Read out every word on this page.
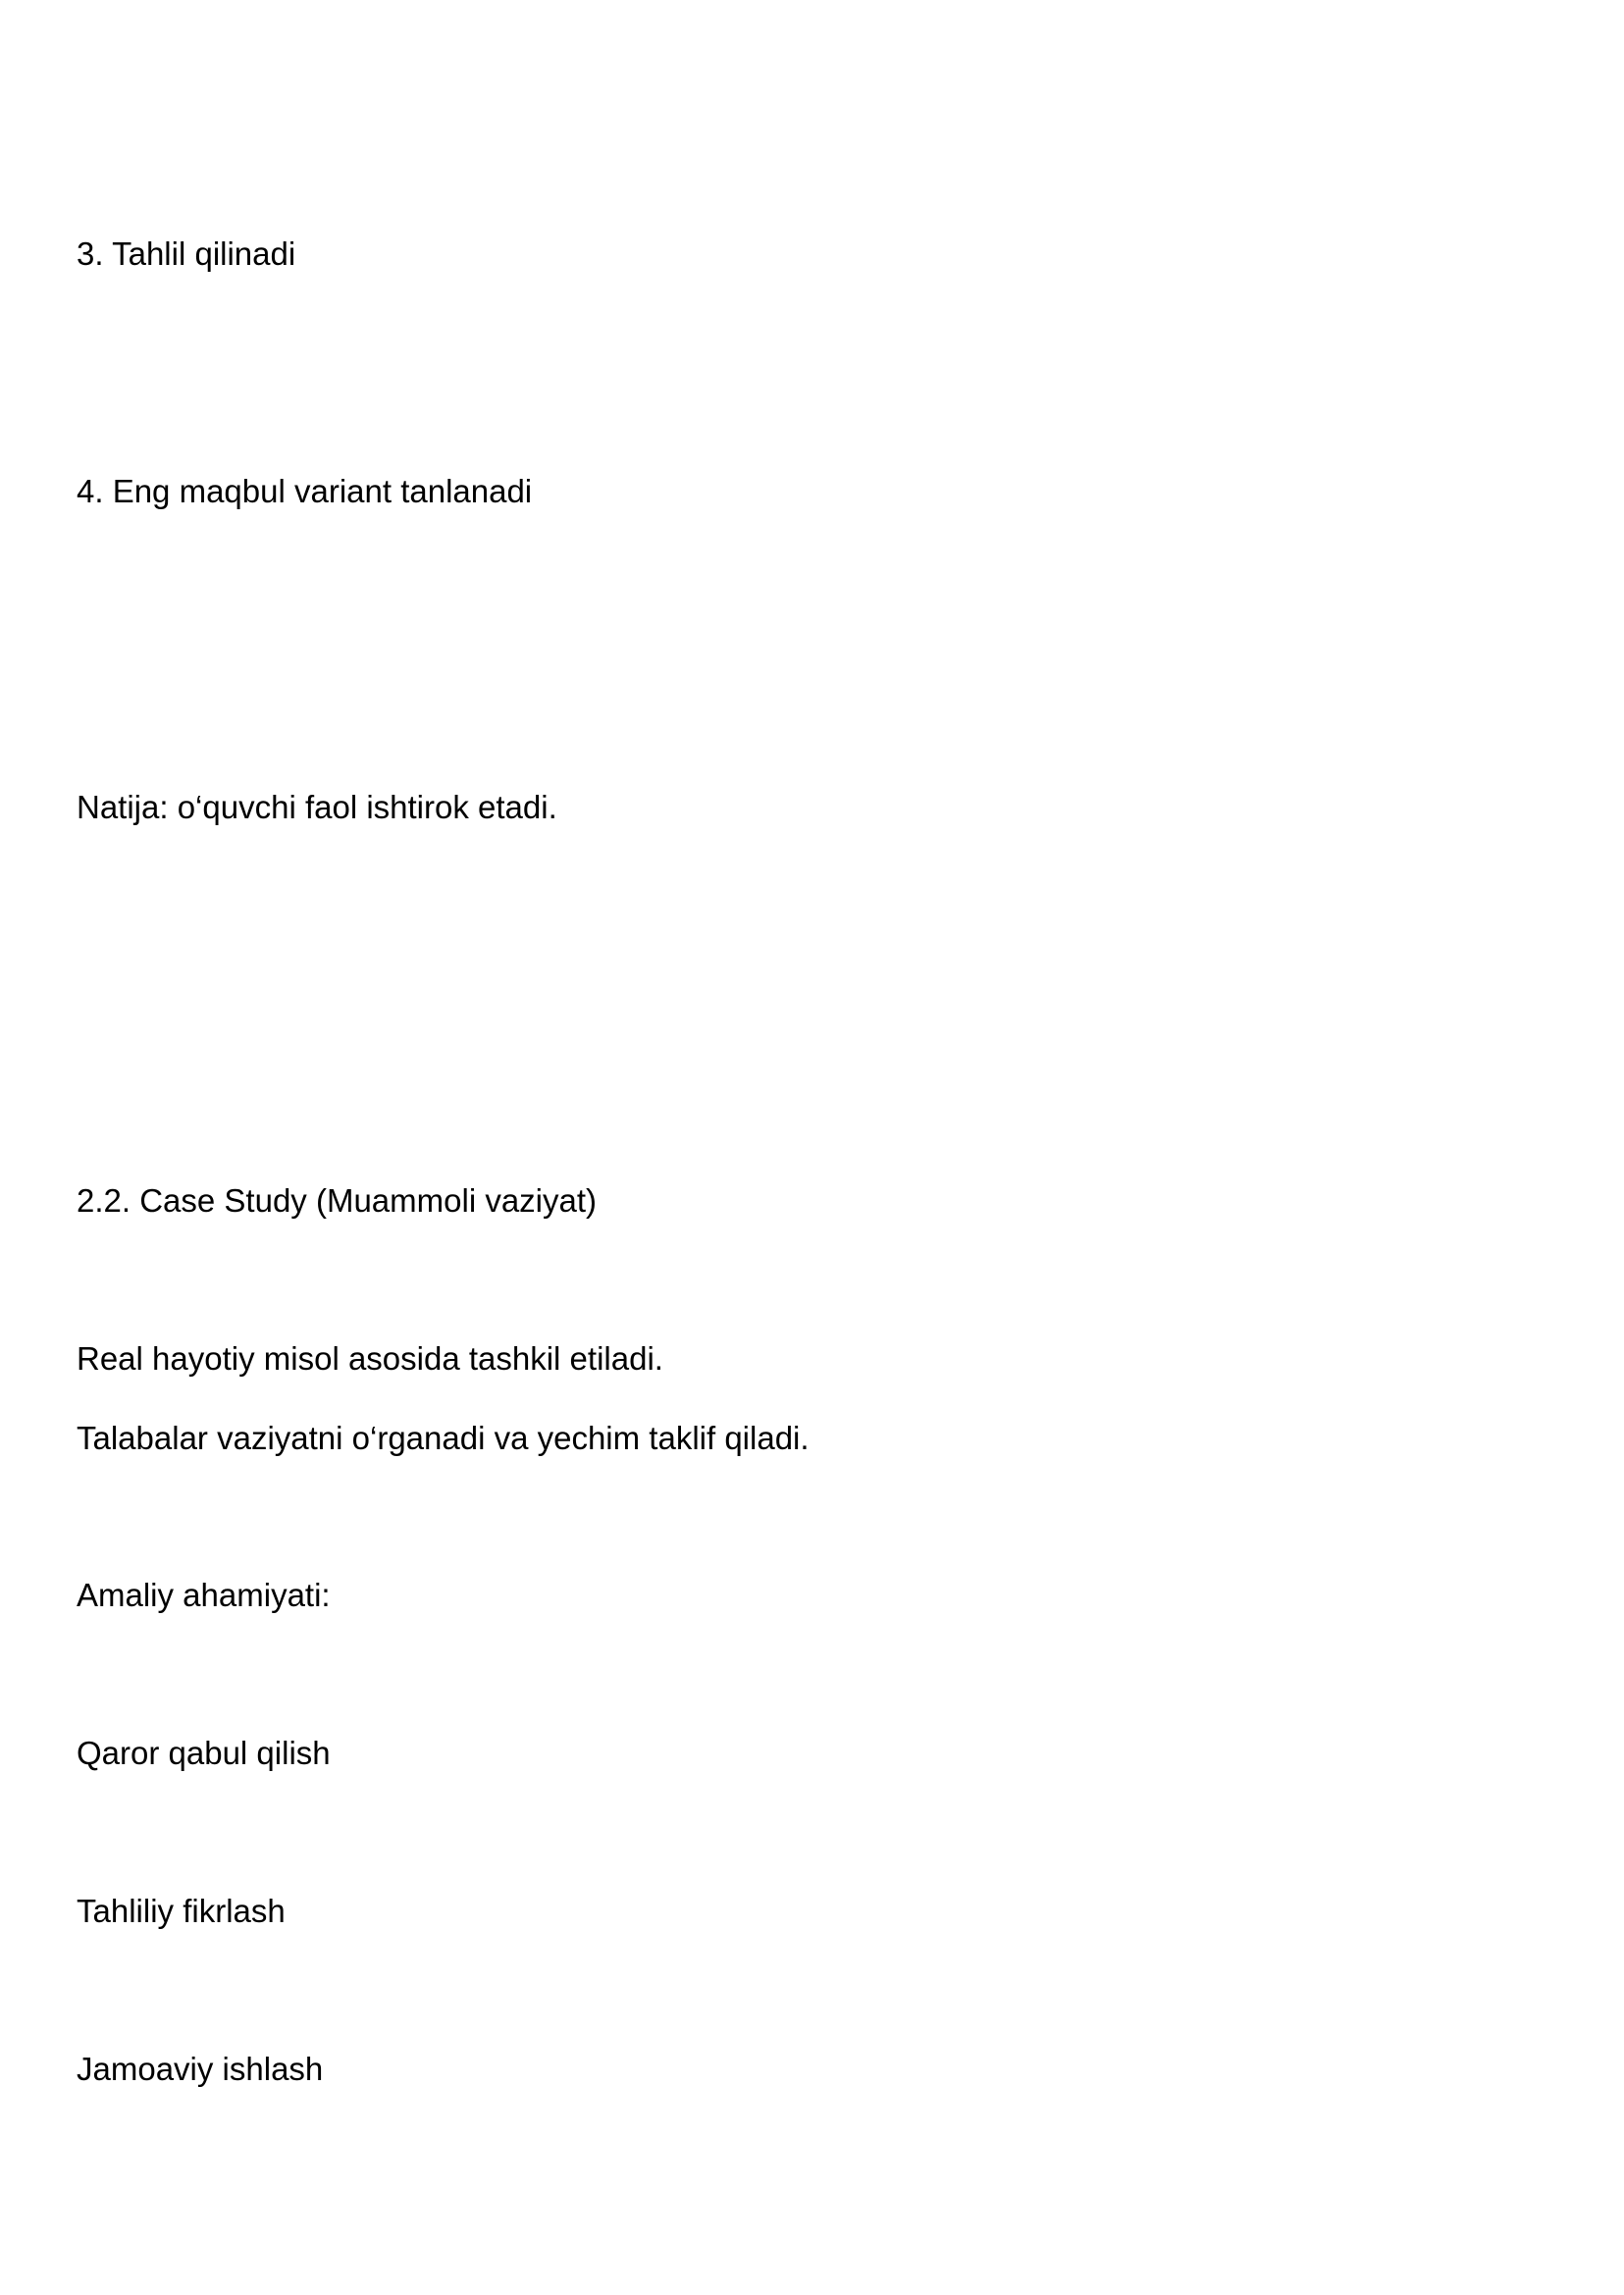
3. Tahlil qilinadi

4. Eng maqbul variant tanlanadi

Natija: o‘quvchi faol ishtirok etadi.

2.2. Case Study (Muammoli vaziyat)

Real hayotiy misol asosida tashkil etiladi.

Talabalar vaziyatni o‘rganadi va yechim taklif qiladi.

Amaliy ahamiyati:

Qaror qabul qilish

Tahliliy fikrlash

Jamoaviy ishlash
